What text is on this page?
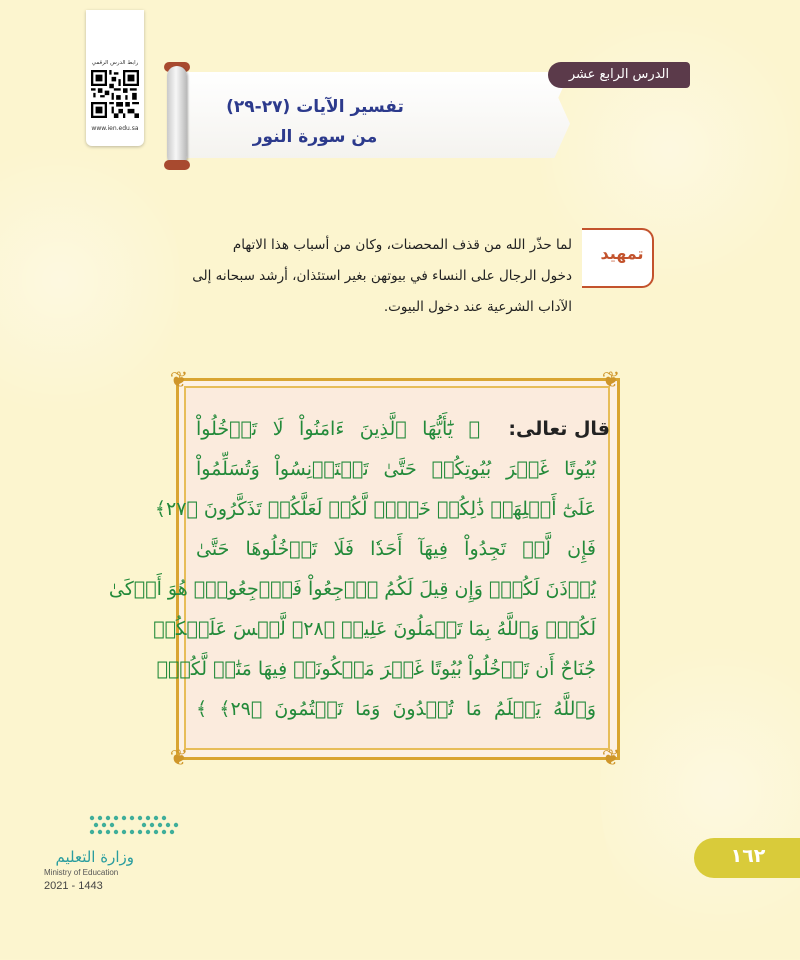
رابط الدرس الرقمي
www.ien.edu.sa
الدرس الرابع عشر
تفسير الآيات (٢٧-٢٩)
من سورة النور
تمهيد
لما حذّر الله من قذف المحصنات، وكان من أسباب هذا الاتهام
دخول الرجال على النساء في بيوتهن بغير استئذان، أرشد سبحانه إلى
الآداب الشرعية عند دخول البيوت.
❦	❦
❦	❦
قال تعالى:
﴿ يَٰٓأَيُّهَا ٱلَّذِينَ ءَامَنُواْ لَا تَدۡخُلُواْ
بُيُوتًا غَيۡرَ بُيُوتِكُمۡ حَتَّىٰ تَسۡتَأۡنِسُواْ وَتُسَلِّمُواْ
عَلَىٰٓ أَهۡلِهَاۚ ذَٰلِكُمۡ خَيۡرٞ لَّكُمۡ لَعَلَّكُمۡ تَذَكَّرُونَ ﴿٢٧﴾
فَإِن لَّمۡ تَجِدُواْ فِيهَآ أَحَدٗا فَلَا تَدۡخُلُوهَا حَتَّىٰ
يُؤۡذَنَ لَكُمۡۖ وَإِن قِيلَ لَكُمُ ٱرۡجِعُواْ فَٱرۡجِعُواْۖ هُوَ أَزۡكَىٰ
لَكُمۡۚ وَٱللَّهُ بِمَا تَعۡمَلُونَ عَلِيمٞ ﴿٢٨﴾ لَّيۡسَ عَلَيۡكُمۡ
جُنَاحٌ أَن تَدۡخُلُواْ بُيُوتًا غَيۡرَ مَسۡكُونَةٖ فِيهَا مَتَٰعٞ لَّكُمۡۚ
وَٱللَّهُ يَعۡلَمُ مَا تُبۡدُونَ وَمَا تَكۡتُمُونَ ﴿٢٩﴾ ﴾
وزارة التعليم
Ministry of Education
2021 - 1443
١٦٢
